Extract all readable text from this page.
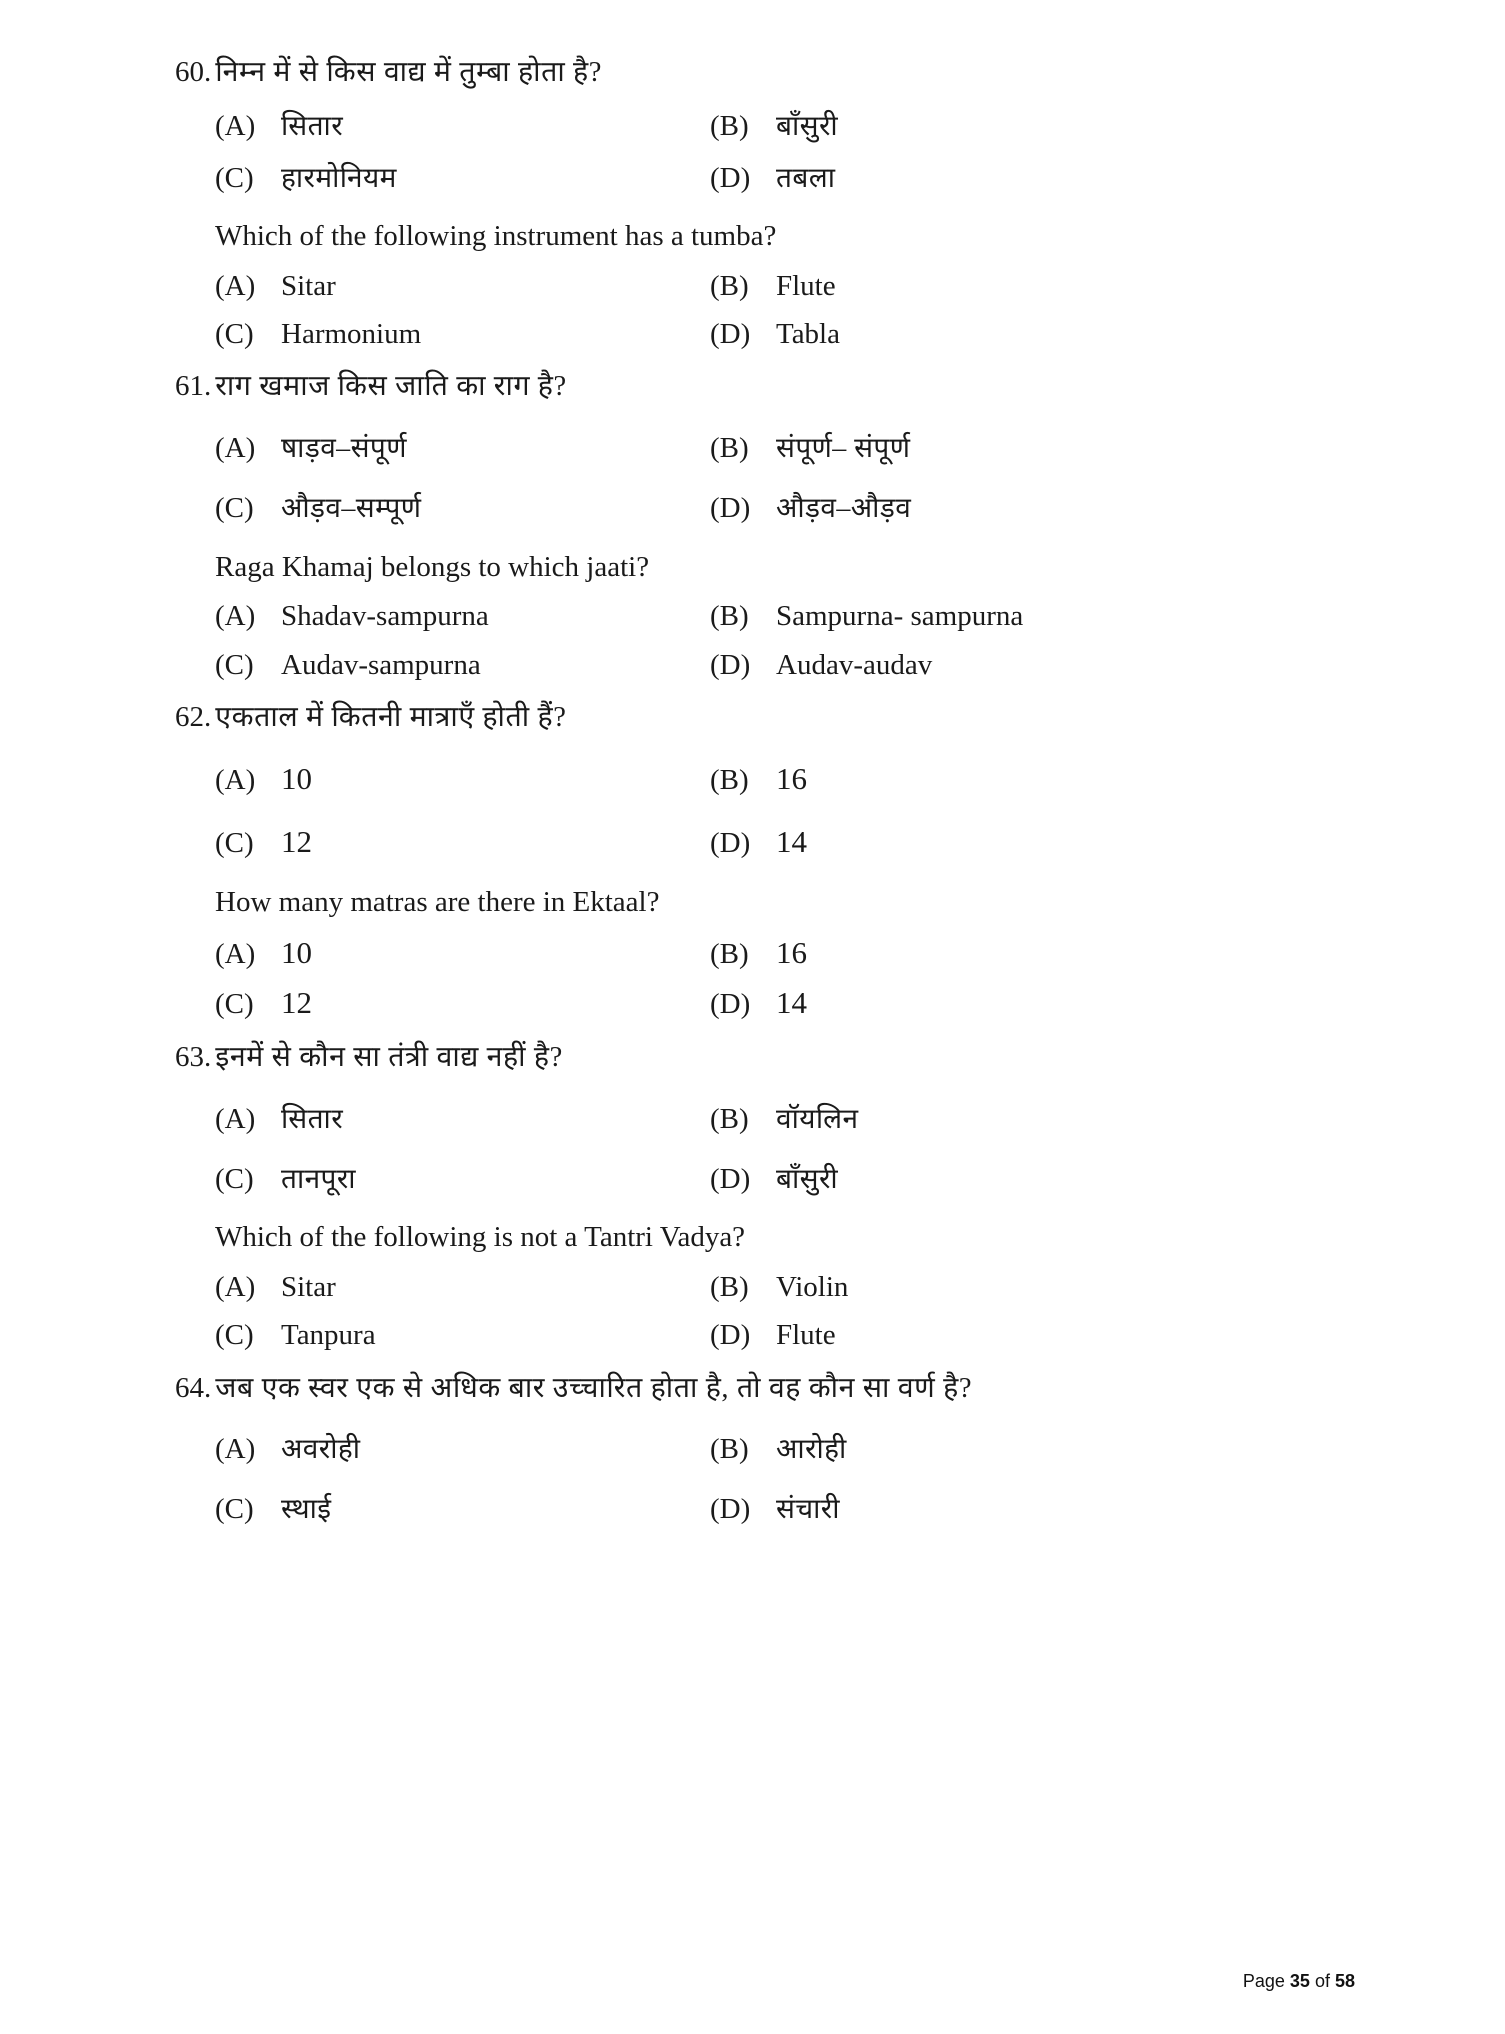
60. निम्न में से किस वाद्य में तुम्बा होता है?
(A) सितार	(B) बाँसुरी
(C) हारमोनियम	(D) तबला
Which of the following instrument has a tumba?
(A) Sitar	(B) Flute
(C) Harmonium	(D) Tabla
61. राग खमाज किस जाति का राग है?
(A) षाड़व–संपूर्ण	(B) संपूर्ण– संपूर्ण
(C) औड़व–सम्पूर्ण	(D) औड़व–औड़व
Raga Khamaj belongs to which jaati?
(A) Shadav-sampurna	(B) Sampurna- sampurna
(C) Audav-sampurna	(D) Audav-audav
62. एकताल में कितनी मात्राएँ होती हैं?
(A) 10	(B) 16
(C) 12	(D) 14
How many matras are there in Ektaal?
(A) 10	(B) 16
(C) 12	(D) 14
63. इनमें से कौन सा तंत्री वाद्य नहीं है?
(A) सितार	(B) वॉयलिन
(C) तानपूरा	(D) बाँसुरी
Which of the following is not a Tantri Vadya?
(A) Sitar	(B) Violin
(C) Tanpura	(D) Flute
64. जब एक स्वर एक से अधिक बार उच्चारित होता है, तो वह कौन सा वर्ण है?
(A) अवरोही	(B) आरोही
(C) स्थाई	(D) संचारी
Page 35 of 58
